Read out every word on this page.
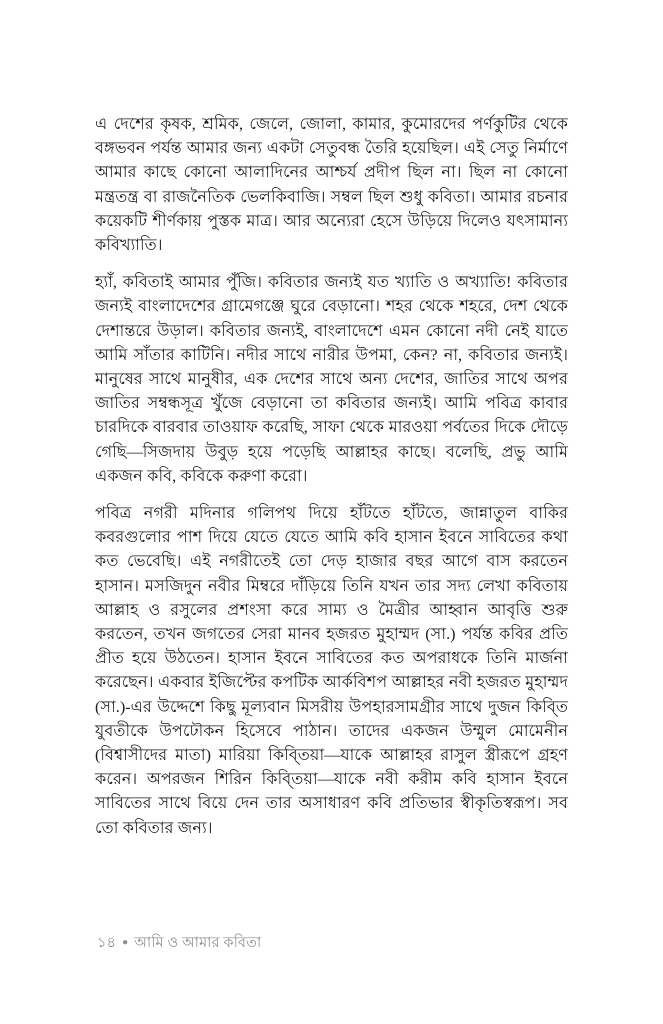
এ দেশের কৃষক, শ্রমিক, জেলে, জোলা, কামার, কুমোরদের পর্ণকুটির থেকে বঙ্গভবন পর্যন্ত আমার জন্য একটা সেতুবন্ধ তৈরি হয়েছিল। এই সেতু নির্মাণে আমার কাছে কোনো আলাদিনের আশ্চর্য প্রদীপ ছিল না। ছিল না কোনো মন্ত্রতন্ত্র বা রাজনৈতিক ভেলকিবাজি। সম্বল ছিল শুধু কবিতা। আমার রচনার কয়েকটি শীর্ণকায় পুস্তক মাত্র। আর অন্যেরা হেসে উড়িয়ে দিলেও যৎসামান্য কবিখ্যাতি।

হ্যাঁ, কবিতাই আমার পুঁজি। কবিতার জন্যই যত খ্যাতি ও অখ্যাতি! কবিতার জন্যই বাংলাদেশের গ্রামেগঞ্জে ঘুরে বেড়ানো। শহর থেকে শহরে, দেশ থেকে দেশান্তরে উড়াল। কবিতার জন্যই, বাংলাদেশে এমন কোনো নদী নেই যাতে আমি সাঁতার কাটিনি। নদীর সাথে নারীর উপমা, কেন? না, কবিতার জন্যই। মানুষের সাথে মানুষীর, এক দেশের সাথে অন্য দেশের, জাতির সাথে অপর জাতির সম্বন্ধসূত্র খুঁজে বেড়ানো তা কবিতার জন্যই। আমি পবিত্র কাবার চারদিকে বারবার তাওয়াফ করেছি, সাফা থেকে মারওয়া পর্বতের দিকে দৌড়ে গেছি—সিজদায় উবুড় হয়ে পড়েছি আল্লাহর কাছে। বলেছি, প্রভু আমি একজন কবি, কবিকে করুণা করো।

পবিত্র নগরী মদিনার গলিপথ দিয়ে হাঁটতে হাঁটতে, জান্নাতুল বাকির কবরগুলোর পাশ দিয়ে যেতে যেতে আমি কবি হাসান ইবনে সাবিতের কথা কত ভেবেছি। এই নগরীতেই তো দেড় হাজার বছর আগে বাস করতেন হাসান। মসজিদুন নবীর মিম্বরে দাঁড়িয়ে তিনি যখন তার সদ্য লেখা কবিতায় আল্লাহ ও রসুলের প্রশংসা করে সাম্য ও মৈত্রীর আহ্বান আবৃত্তি শুরু করতেন, তখন জগতের সেরা মানব হজরত মুহাম্মদ (সা.) পর্যন্ত কবির প্রতি প্রীত হয়ে উঠতেন। হাসান ইবনে সাবিতের কত অপরাধকে তিনি মার্জনা করেছেন। একবার ইজিপ্টের কপটিক আর্কবিশপ আল্লাহর নবী হজরত মুহাম্মদ (সা.)-এর উদ্দেশে কিছু মূল্যবান মিসরীয় উপহারসামগ্রীর সাথে দুজন কিব্তি যুবতীকে উপঢৌকন হিসেবে পাঠান। তাদের একজন উম্মুল মোমেনীন (বিশ্বাসীদের মাতা) মারিয়া কিব্তিয়া—যাকে আল্লাহর রাসুল স্ত্রীরূপে গ্রহণ করেন। অপরজন শিরিন কিব্তিয়া—যাকে নবী করীম কবি হাসান ইবনে সাবিতের সাথে বিয়ে দেন তার অসাধারণ কবি প্রতিভার স্বীকৃতিস্বরূপ। সব তো কবিতার জন্য।

১৪ ● আমি ও আমার কবিতা
